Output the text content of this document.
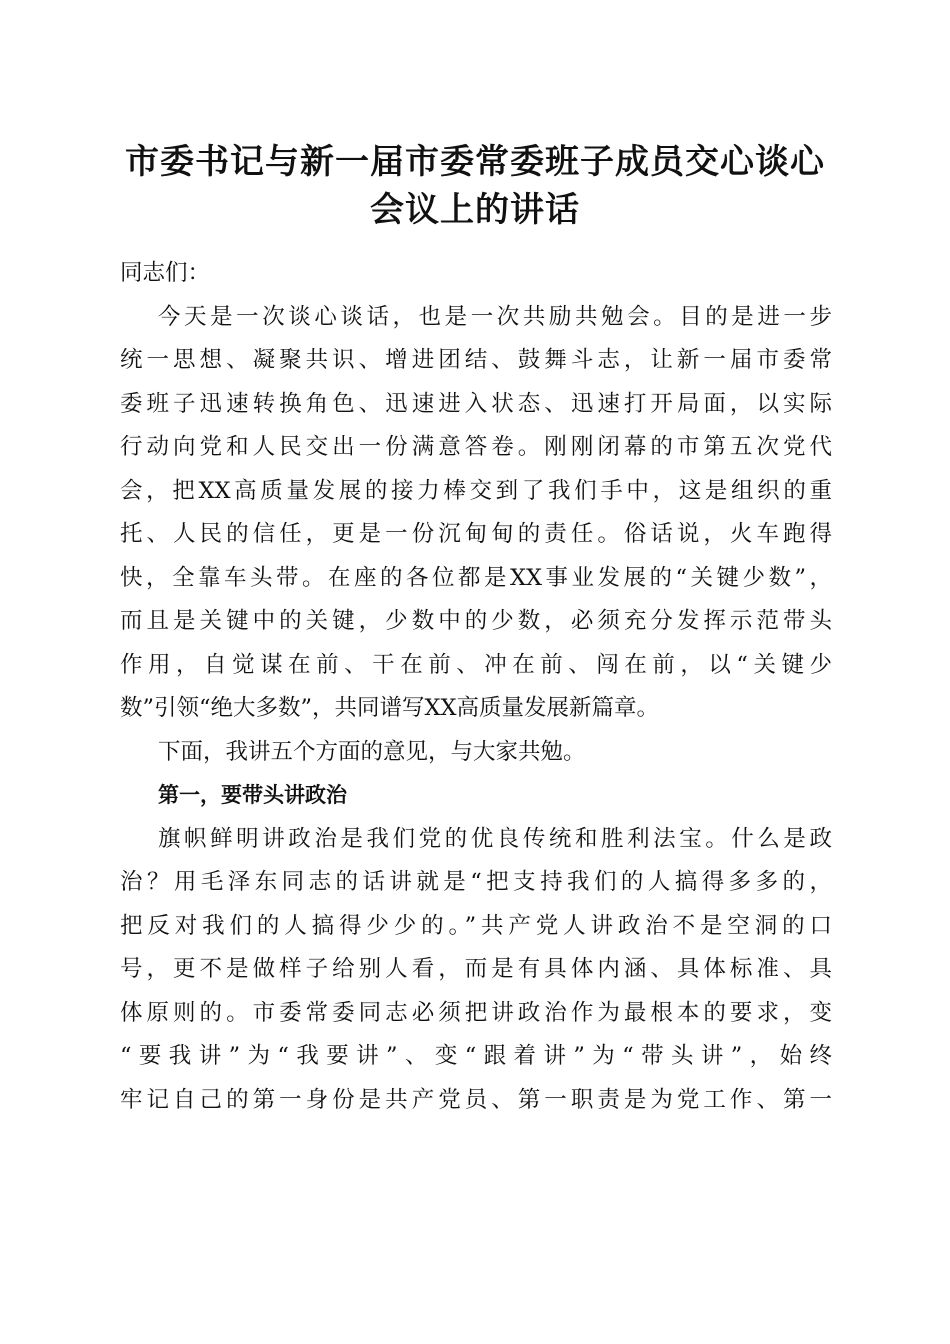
市委书记与新一届市委常委班子成员交心谈心
会议上的讲话
同志们：
今天是一次谈心谈话，也是一次共励共勉会。目的是进一步
统一思想、凝聚共识、增进团结、鼓舞斗志，让新一届市委常
委班子迅速转换角色、迅速进入状态、迅速打开局面，以实际
行动向党和人民交出一份满意答卷。刚刚闭幕的市第五次党代
会，把XX高质量发展的接力棒交到了我们手中，这是组织的重
托、人民的信任，更是一份沉甸甸的责任。俗话说，火车跑得
快，全靠车头带。在座的各位都是XX事业发展的“关键少数”，
而且是关键中的关键，少数中的少数，必须充分发挥示范带头
作用，自觉谋在前、干在前、冲在前、闯在前，以“关键少
数”引领“绝大多数”，共同谱写XX高质量发展新篇章。
下面，我讲五个方面的意见，与大家共勉。
第一，要带头讲政治
旗帜鲜明讲政治是我们党的优良传统和胜利法宝。什么是政
治？用毛泽东同志的话讲就是“把支持我们的人搞得多多的，
把反对我们的人搞得少少的。”共产党人讲政治不是空洞的口
号，更不是做样子给别人看，而是有具体内涵、具体标准、具
体原则的。市委常委同志必须把讲政治作为最根本的要求，变
“要我讲”为“我要讲”、变“跟着讲”为“带头讲”，始终
牢记自己的第一身份是共产党员、第一职责是为党工作、第一
